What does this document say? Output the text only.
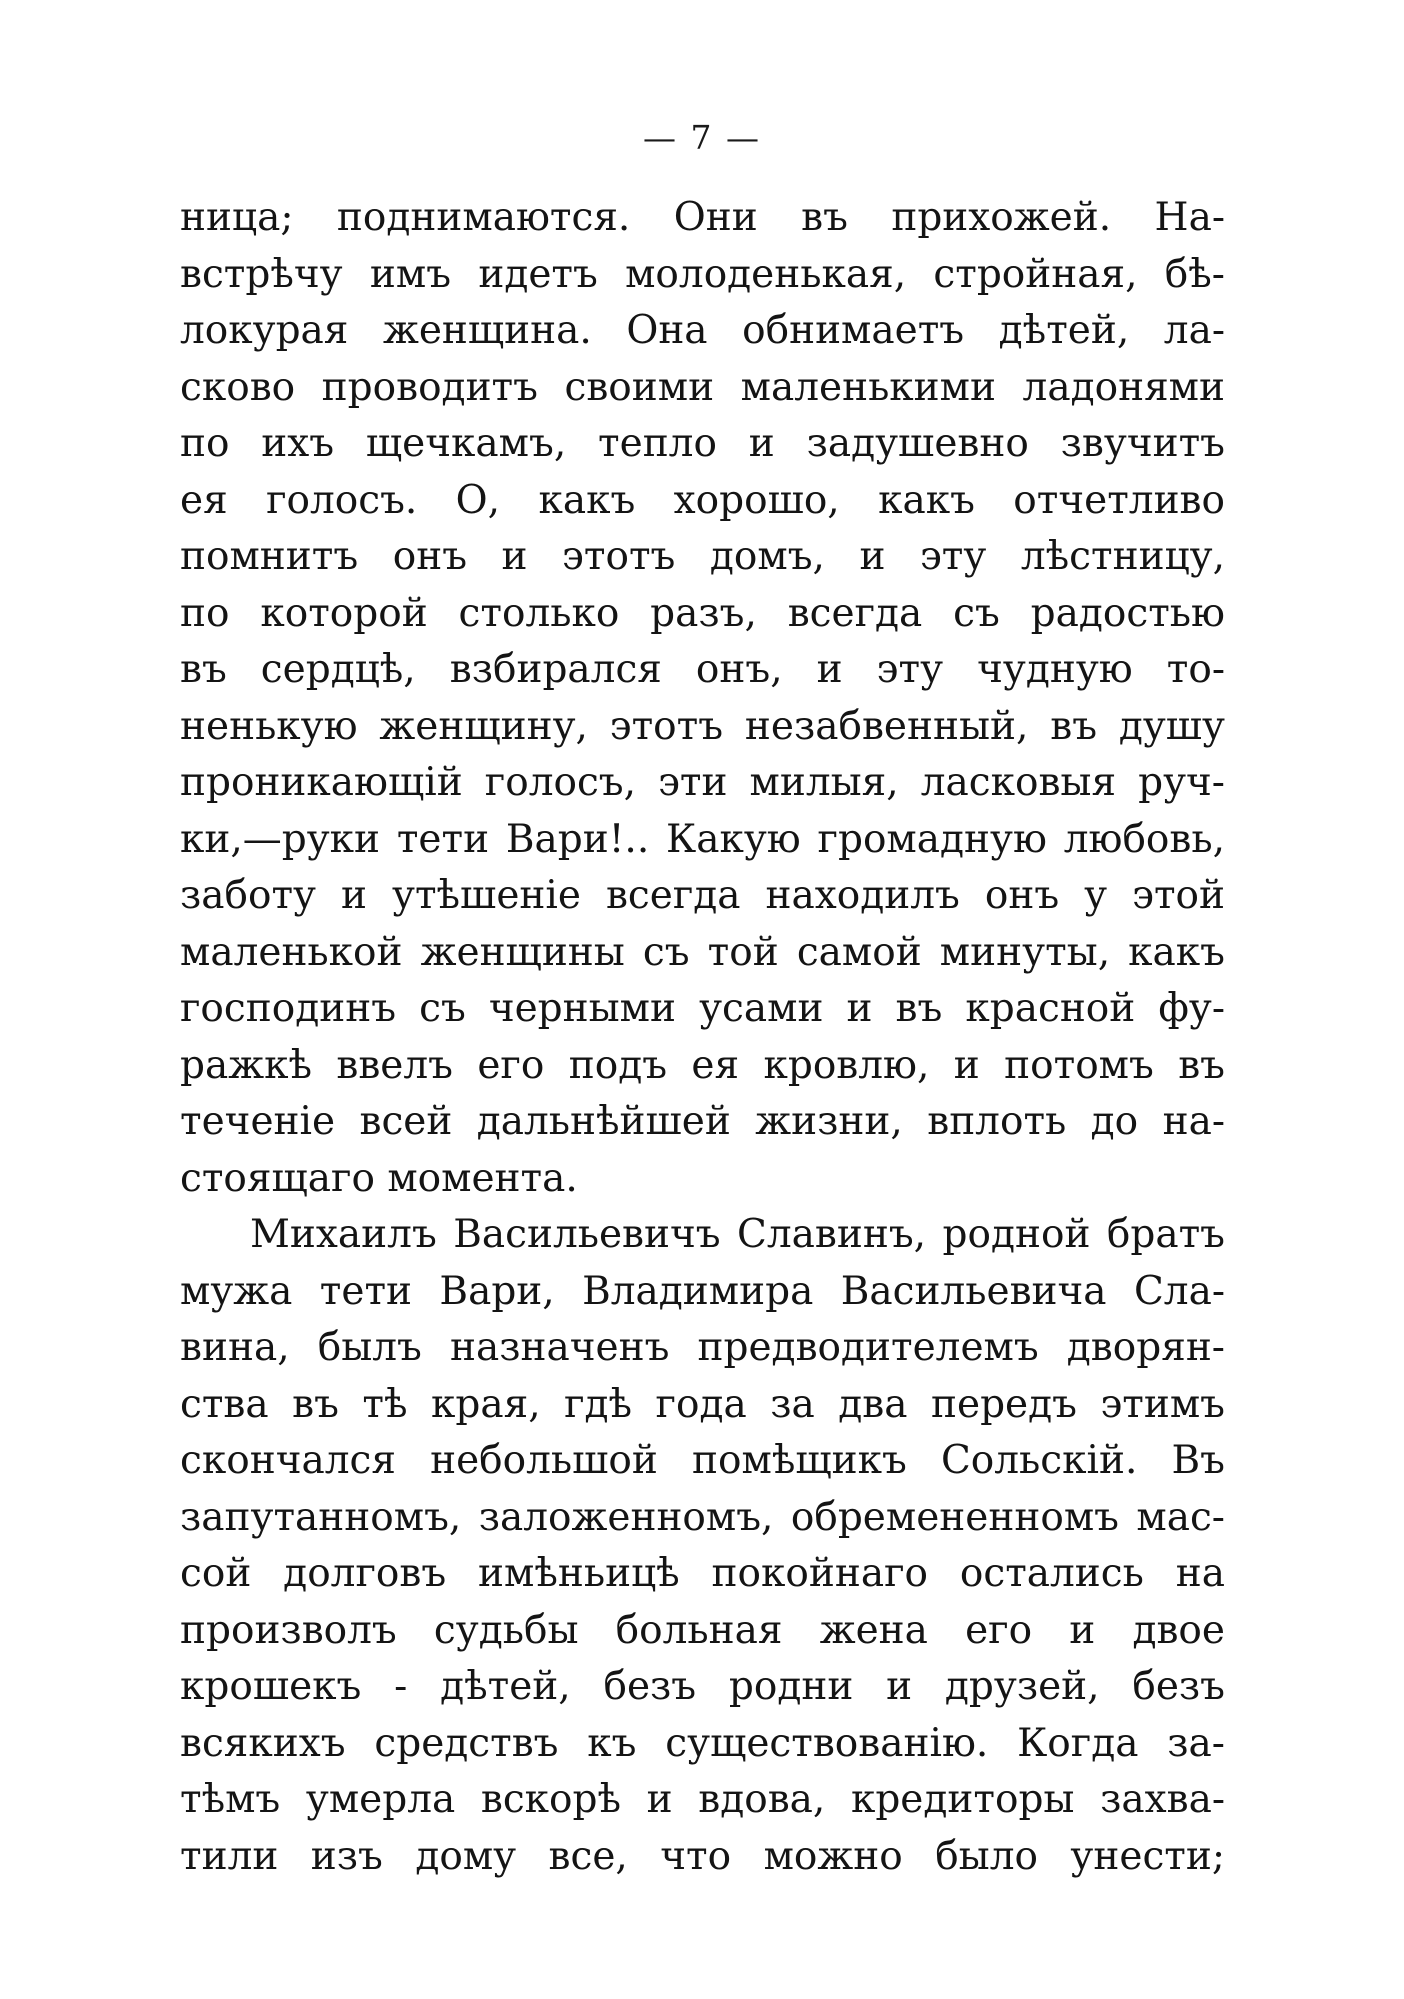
— 7 —
ница; поднимаются. Они въ прихожей. На-
встрѣчу имъ идетъ молоденькая, стройная, бѣ-
локурая женщина. Она обнимаетъ дѣтей, ла-
сково проводитъ своими маленькими ладонями
по ихъ щечкамъ, тепло и задушевно звучитъ
ея голосъ. О, какъ хорошо, какъ отчетливо
помнитъ онъ и этотъ домъ, и эту лѣстницу,
по которой столько разъ, всегда съ радостью
въ сердцѣ, взбирался онъ, и эту чудную то-
ненькую женщину, этотъ незабвенный, въ душу
проникающій голосъ, эти милыя, ласковыя руч-
ки,—руки тети Вари!.. Какую громадную любовь,
заботу и утѣшеніе всегда находилъ онъ у этой
маленькой женщины съ той самой минуты, какъ
господинъ съ черными усами и въ красной фу-
ражкѣ ввелъ его подъ ея кровлю, и потомъ въ
теченіе всей дальнѣйшей жизни, вплоть до на-
стоящаго момента.
Михаилъ Васильевичъ Славинъ, родной братъ
мужа тети Вари, Владимира Васильевича Сла-
вина, былъ назначенъ предводителемъ дворян-
ства въ тѣ края, гдѣ года за два передъ этимъ
скончался небольшой помѣщикъ Сольскій. Въ
запутанномъ, заложенномъ, обремененномъ мас-
сой долговъ имѣньицѣ покойнаго остались на
произволъ судьбы больная жена его и двое
крошекъ - дѣтей, безъ родни и друзей, безъ
всякихъ средствъ къ существованію. Когда за-
тѣмъ умерла вскорѣ и вдова, кредиторы захва-
тили изъ дому все, что можно было унести;
